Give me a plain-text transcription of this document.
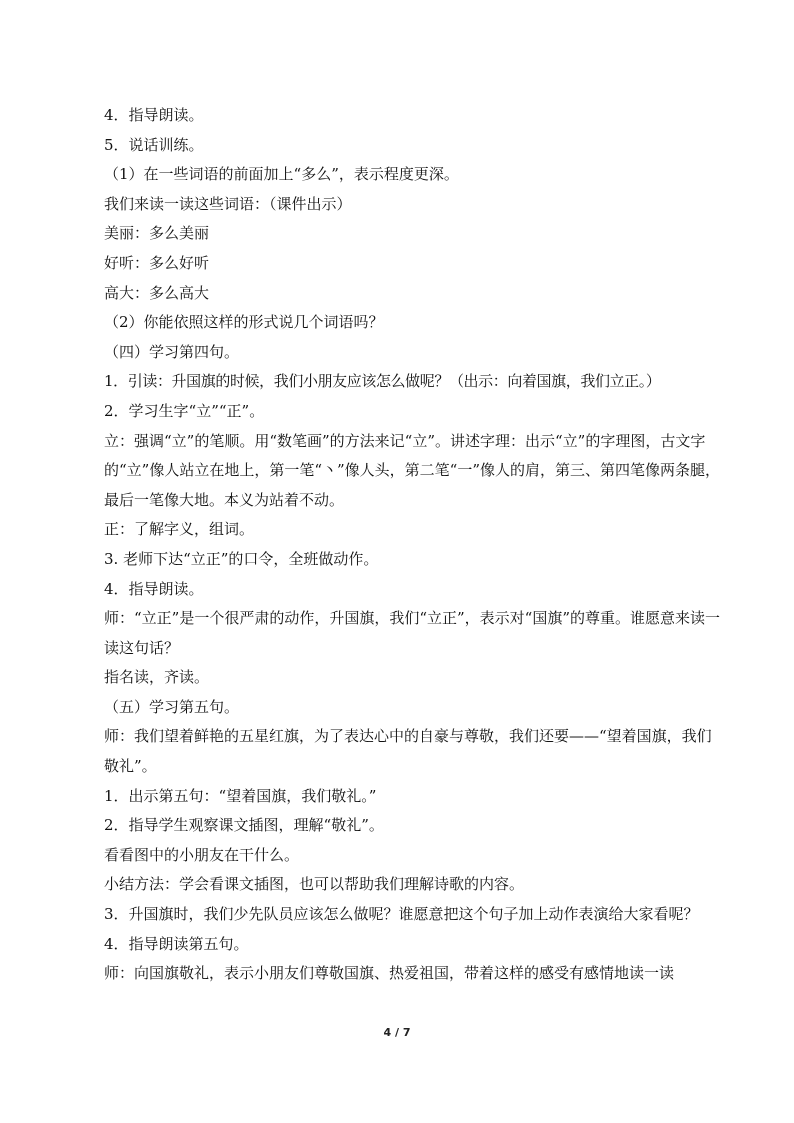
4．指导朗读。
5．说话训练。
（1）在一些词语的前面加上“多么”，表示程度更深。
我们来读一读这些词语：（课件出示）
美丽：多么美丽
好听：多么好听
高大：多么高大
（2）你能依照这样的形式说几个词语吗？
（四）学习第四句。
1．引读：升国旗的时候，我们小朋友应该怎么做呢？（出示：向着国旗，我们立正。）
2．学习生字“立”“正”。
立：强调“立”的笔顺。用“数笔画”的方法来记“立”。讲述字理：出示“立”的字理图，古文字的“立”像人站立在地上，第一笔“丶”像人头，第二笔“一”像人的肩，第三、第四笔像两条腿，最后一笔像大地。本义为站着不动。
正：了解字义，组词。
3. 老师下达“立正”的口令，全班做动作。
4．指导朗读。
师：“立正”是一个很严肃的动作，升国旗，我们“立正”，表示对“国旗”的尊重。谁愿意来读一读这句话？
指名读，齐读。
（五）学习第五句。
师：我们望着鲜艳的五星红旗，为了表达心中的自豪与尊敬，我们还要——“望着国旗，我们敬礼”。
1．出示第五句：“望着国旗，我们敬礼。”
2．指导学生观察课文插图，理解“敬礼”。
看看图中的小朋友在干什么。
小结方法：学会看课文插图，也可以帮助我们理解诗歌的内容。
3．升国旗时，我们少先队员应该怎么做呢？谁愿意把这个句子加上动作表演给大家看呢？
4．指导朗读第五句。
师：向国旗敬礼，表示小朋友们尊敬国旗、热爱祖国，带着这样的感受有感情地读一读
4 / 7
